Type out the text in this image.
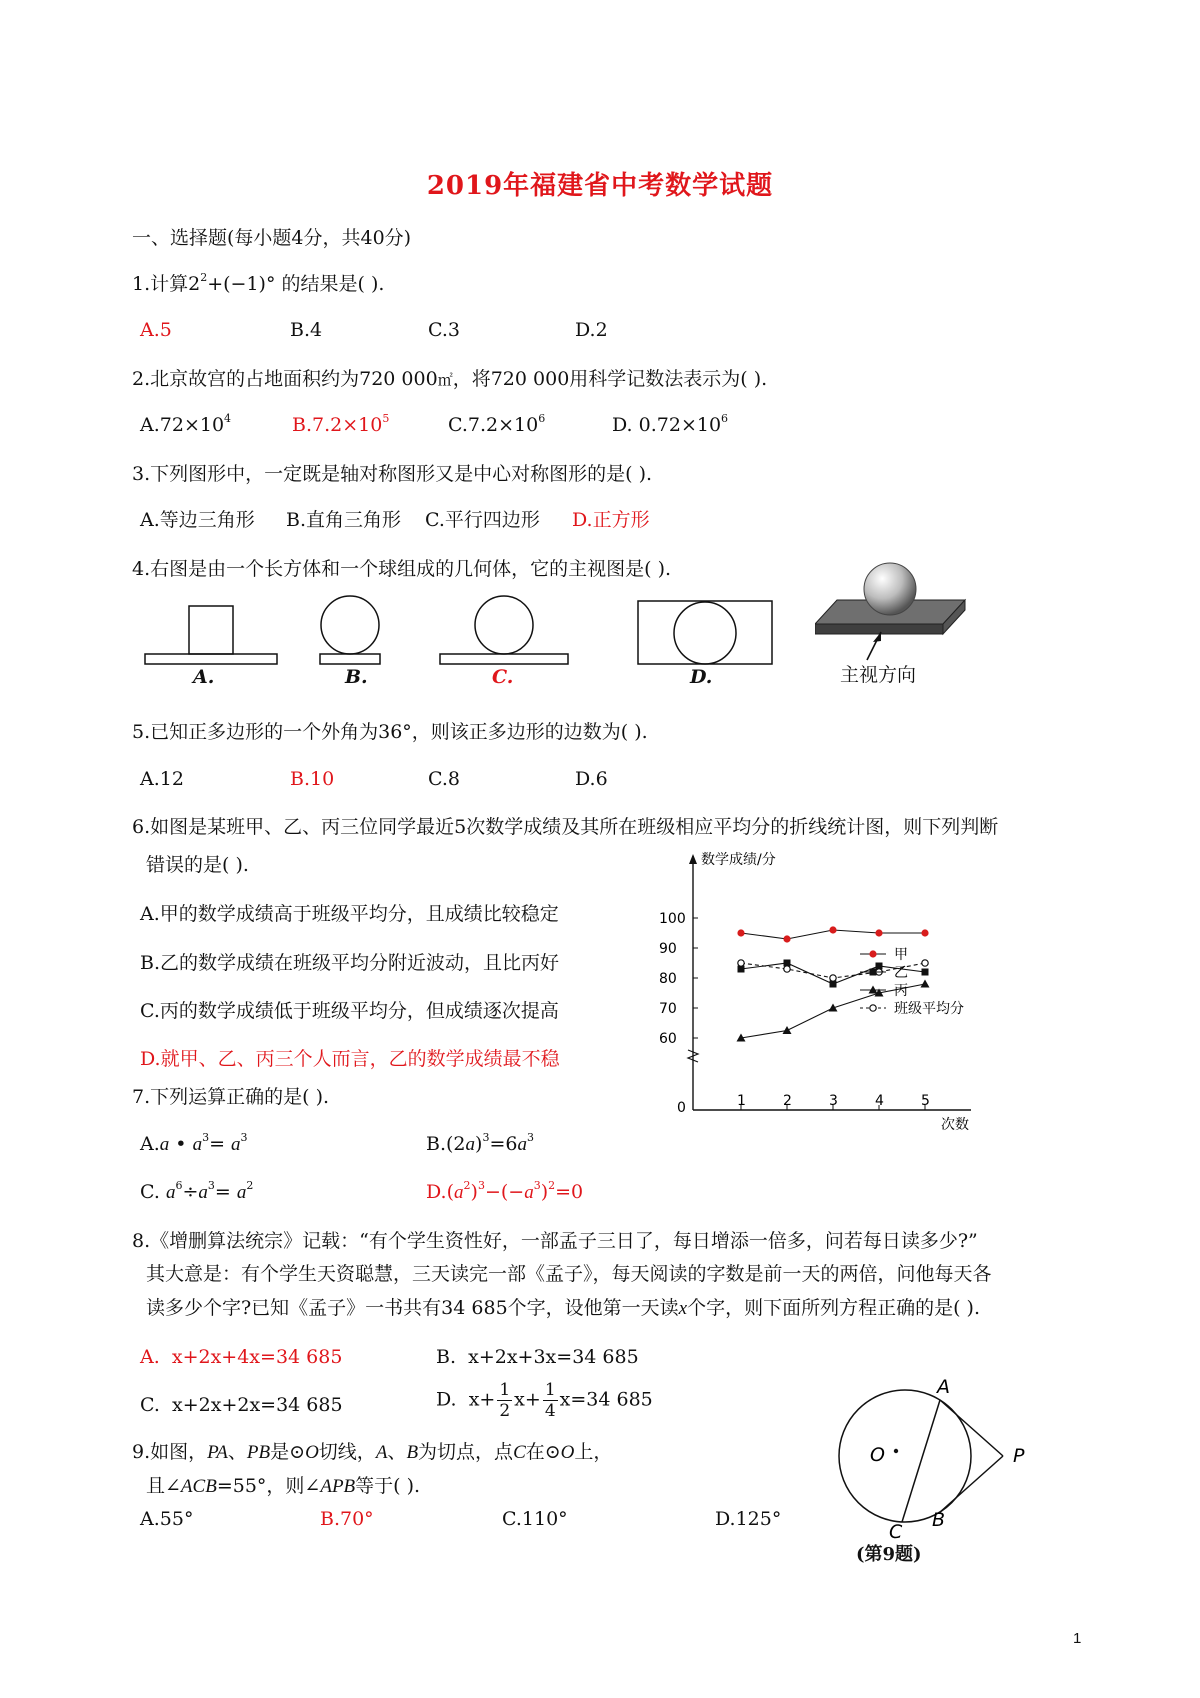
2019年福建省中考数学试题
一、选择题(每小题4分，共40分)
1.计算$2^2+(-1)^\circ$ 的结果是( ).
A.5	B.4	C.3	D.2
2.北京故宫的占地面积约为720 000㎡，将720 000用科学记数法表示为( ).
$A.72\times 10^4$	$B.7.2\times 10^5$	$C.7.2\times 10^6$	D. $0.72\times 10^6$
3.下列图形中，一定既是轴对称图形又是中心对称图形的是( ).
A.等边三角形 B.直角三角形 C.平行四边形 D.正方形
4.右图是由一个长方体和一个球组成的几何体，它的主视图是( ).
A.	B.	C.	D.	主视方向
5.已知正多边形的一个外角为36°，则该正多边形的边数为( ).
A.12	B.10	C.8	D.6
6.如图是某班甲、乙、丙三位同学最近5次数学成绩及其所在班级相应平均分的折线统计图，则下列判断
错误的是( ).
A.甲的数学成绩高于班级平均分，且成绩比较稳定
B.乙的数学成绩在班级平均分附近波动，且比丙好
C.丙的数学成绩低于班级平均分，但成绩逐次提高
D.就甲、乙、丙三个人而言，乙的数学成绩最不稳
数学成绩/分
次数
0
60
70
80
90
100
1	2	3	4	5
甲
乙
丙
班级平均分
7.下列运算正确的是( ).
A.a • $a^3= a^3$	$B.(2a)^3=6a^3$
C. $a^6\div a^3= a^2$	$D.(a^2)^3-(-a^3)^2=0$
8.《增删算法统宗》记载：“有个学生资性好，一部孟子三日了，每日增添一倍多，问若每日读多少?”
其大意是：有个学生天资聪慧，三天读完一部《孟子》，每天阅读的字数是前一天的两倍，问他每天各
读多少个字?已知《孟子》一书共有34 685个字，设他第一天读x个字，则下面所列方程正确的是( ).
A. x+2x+4x=34 685	B. x+2x+3x=34 685
C. x+2x+2x=34 685	D. $x+ \frac{1}{2} x+ \frac{1}{4} x=34$ 685
9.如图，PA、PB是⊙O切线，A、B为切点，点C在⊙O上，
且∠ACB=55°，则∠APB等于( ).
A.55°	B.70°	C.110°	D.125°
A
P
O
B
C
(第9题)
1
